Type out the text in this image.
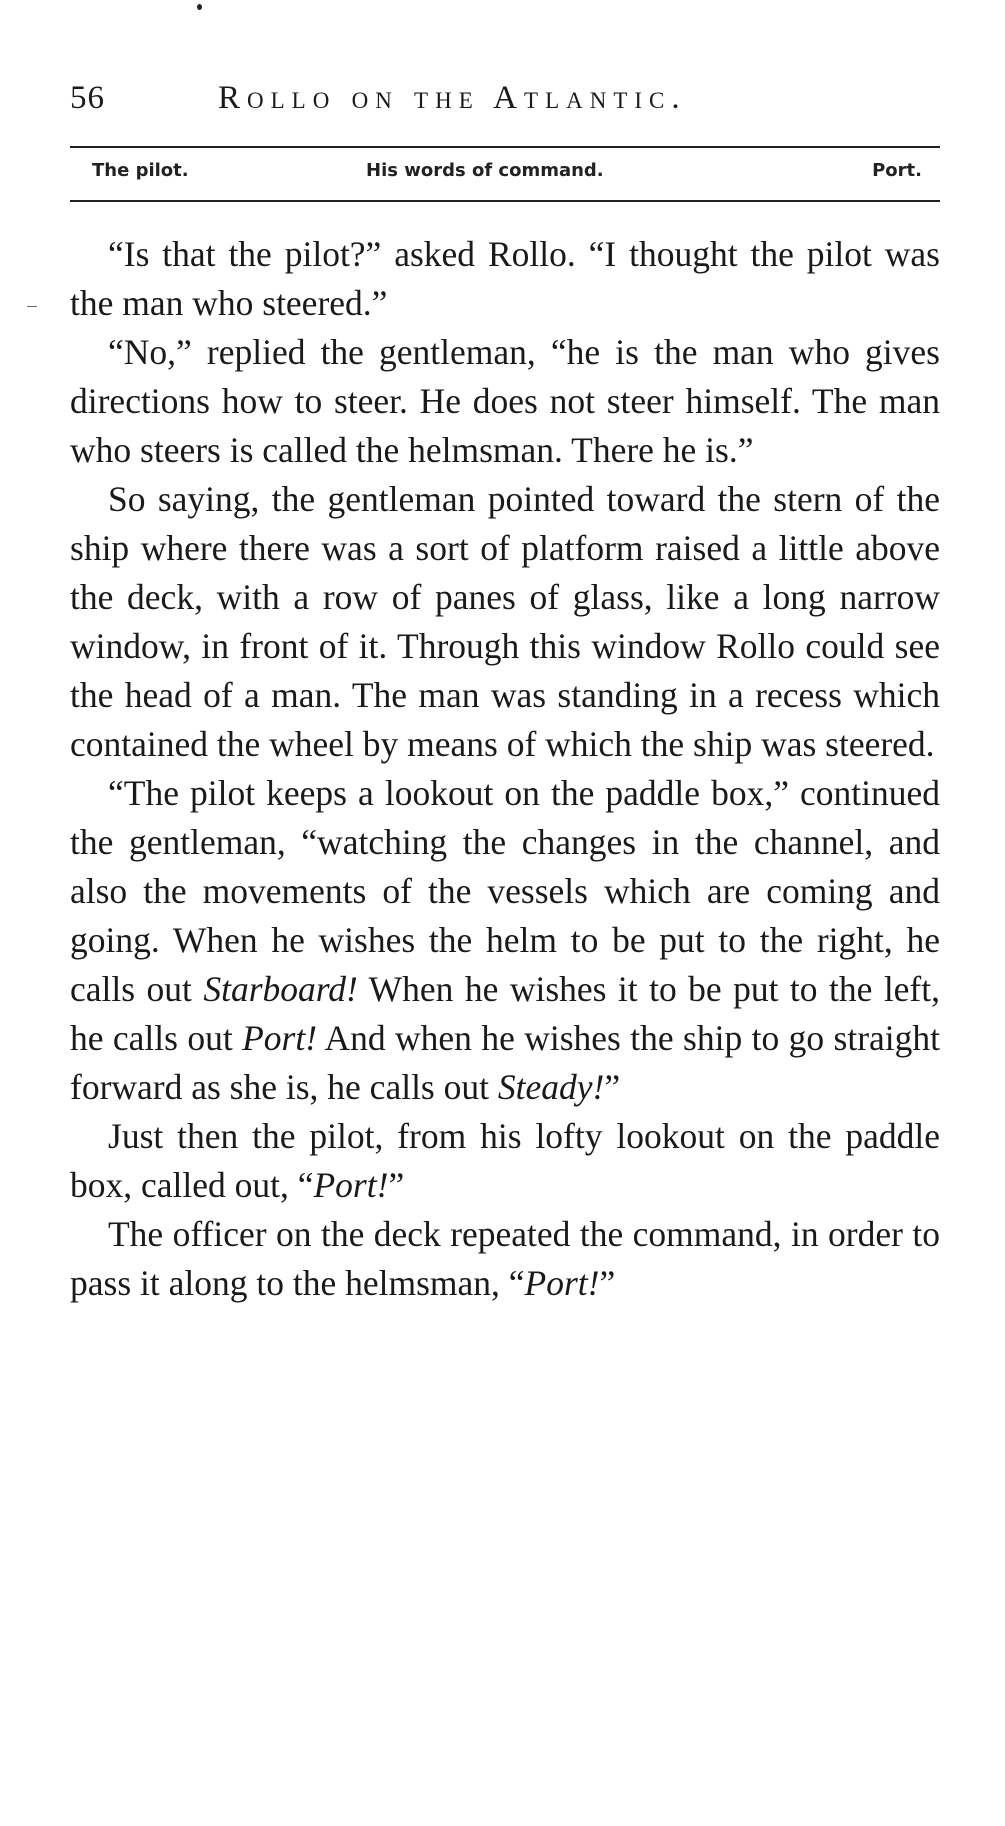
56	Rollo on the Atlantic.
The pilot.	His words of command.	Port.

“Is that the pilot?” asked Rollo. “I thought the pilot was the man who steered.”

“No,” replied the gentleman, “he is the man who gives directions how to steer. He does not steer himself. The man who steers is called the helmsman. There he is.”

So saying, the gentleman pointed toward the stern of the ship where there was a sort of platform raised a little above the deck, with a row of panes of glass, like a long narrow window, in front of it. Through this window Rollo could see the head of a man. The man was standing in a recess which contained the wheel by means of which the ship was steered.

“The pilot keeps a lookout on the paddle box,” continued the gentleman, “watching the changes in the channel, and also the movements of the vessels which are coming and going. When he wishes the helm to be put to the right, he calls out Starboard! When he wishes it to be put to the left, he calls out Port! And when he wishes the ship to go straight forward as she is, he calls out Steady!”

Just then the pilot, from his lofty lookout on the paddle box, called out, “Port!”

The officer on the deck repeated the command, in order to pass it along to the helmsman, “Port!”
